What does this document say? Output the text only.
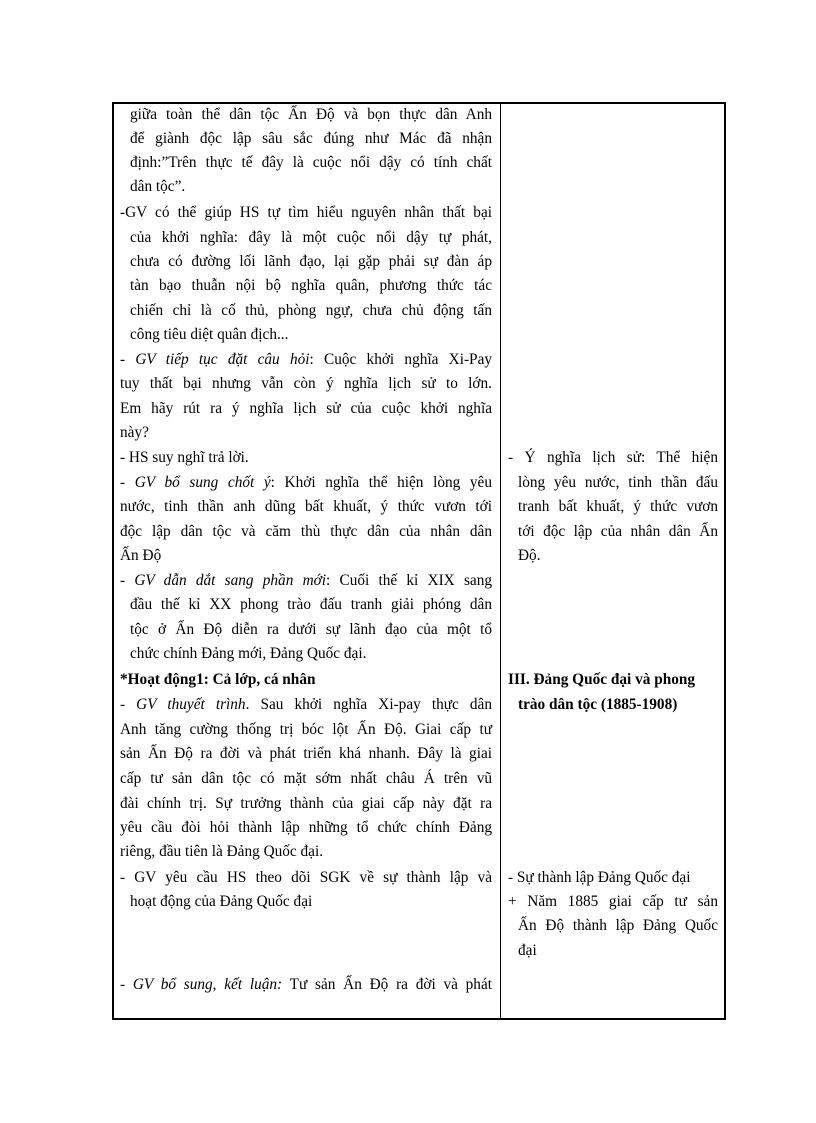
giữa toàn thể dân tộc Ấn Độ và bọn thực dân Anh
để giành độc lập sâu sắc đúng như Mác đã nhận
định:”Trên thực tế đây là cuộc nổi dậy có tính chất
dân tộc”.
-GV có thể giúp HS tự tìm hiểu nguyên nhân thất bại
của khởi nghĩa: đây là một cuộc nổi dậy tự phát,
chưa có đường lối lãnh đạo, lại gặp phải sự đàn áp
tàn bạo thuẫn nội bộ nghĩa quân, phương thức tác
chiến chỉ là cố thủ, phòng ngự, chưa chủ động tấn
công tiêu diệt quân địch...
- GV tiếp tục đặt câu hỏi: Cuộc khởi nghĩa Xi-Pay
tuy thất bại nhưng vẫn còn ý nghĩa lịch sử to lớn.
Em hãy rút ra ý nghĩa lịch sử của cuộc khởi nghĩa
này?
- HS suy nghĩ trả lời.
- GV bổ sung chốt ý: Khởi nghĩa thể hiện lòng yêu
nước, tinh thần anh dũng bất khuất, ý thức vươn tới
độc lập dân tộc và căm thù thực dân của nhân dân
Ấn Độ
- GV dẫn dắt sang phần mới: Cuối thế kỉ XIX sang
đầu thế kỉ XX phong trào đấu tranh giải phóng dân
tộc ở Ấn Độ diễn ra dưới sự lãnh đạo của một tổ
chức chính Đảng mới, Đảng Quốc đại.
*Hoạt động1: Cả lớp, cá nhân
- GV thuyết trình. Sau khởi nghĩa Xi-pay thực dân
Anh tăng cường thống trị bóc lột Ấn Độ. Giai cấp tư
sản Ấn Độ ra đời và phát triển khá nhanh. Đây là giai
cấp tư sản dân tộc có mặt sớm nhất châu Á trên vũ
đài chính trị. Sự trưởng thành của giai cấp này đặt ra
yêu cầu đòi hỏi thành lập những tổ chức chính Đảng
riêng, đầu tiên là Đảng Quốc đại.
- GV yêu cầu HS theo dõi SGK về sự thành lập và
hoạt động của Đảng Quốc đại
- GV bổ sung, kết luận: Tư sản Ấn Độ ra đời và phát
- Ý nghĩa lịch sử: Thể hiện
lòng yêu nước, tinh thần đấu
tranh bất khuất, ý thức vươn
tới độc lập của nhân dân Ấn
Độ.
III. Đảng Quốc đại và phong
trào dân tộc (1885-1908)
- Sự thành lập Đảng Quốc đại
+ Năm 1885 giai cấp tư sản
Ấn Độ thành lập Đảng Quốc
đại
